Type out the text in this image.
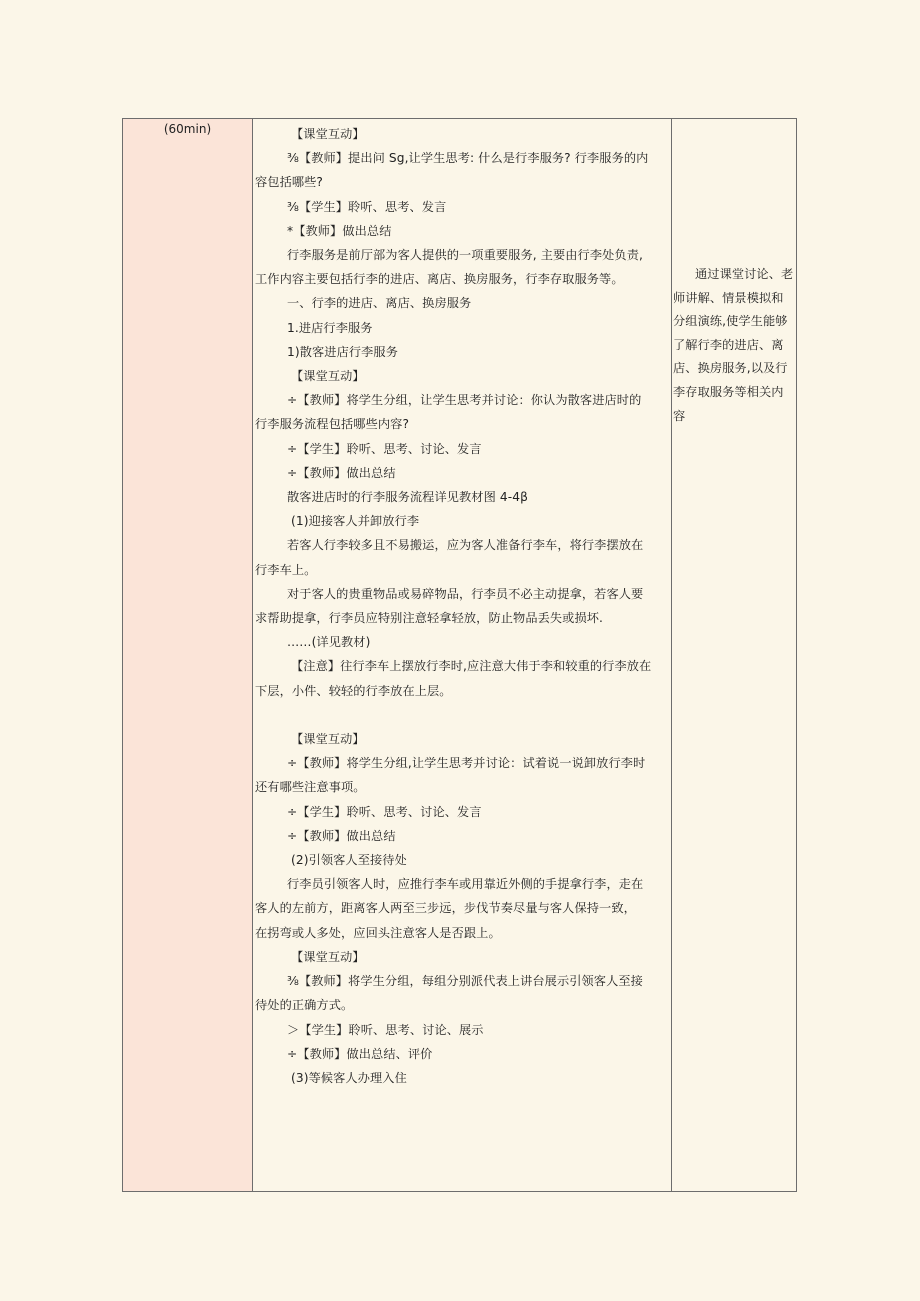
(60min)	【课堂互动】

⅜【教师】提出问 Sg,让学生思考: 什么是行李服务? 行李服务的内

容包括哪些?

⅜【学生】聆听、思考、发言

*【教师】做出总结

行李服务是前厅部为客人提供的一项重要服务, 主要由行李处负责,

工作内容主要包括行李的进店、离店、换房服务，行李存取服务等。

一、行李的进店、离店、换房服务

1.进店行李服务

1)散客进店行李服务

【课堂互动】

÷【教师】将学生分组，让学生思考并讨论：你认为散客进店时的

行李服务流程包括哪些内容?

÷【学生】聆听、思考、讨论、发言

÷【教师】做出总结

散客进店时的行李服务流程详见教材图 4-4β

(1)迎接客人并卸放行李

若客人行李较多且不易搬运，应为客人准备行李车，将行李摆放在

行李车上。

对于客人的贵重物品或易碎物品，行李员不必主动提拿，若客人要

求帮助提拿，行李员应特别注意轻拿轻放，防止物品丢失或损坏.

……(详见教材)

【注意】往行李车上摆放行李时,应注意大伟于李和较重的行李放在

下层，小件、较轻的行李放在上层。

【课堂互动】

÷【教师】将学生分组,让学生思考并讨论：试着说一说卸放行李时

还有哪些注意事项。

÷【学生】聆听、思考、讨论、发言

÷【教师】做出总结

(2)引领客人至接待处

行李员引领客人时，应推行李车或用靠近外侧的手提拿行李，走在

客人的左前方，距离客人两至三步远，步伐节奏尽量与客人保持一致，

在拐弯或人多处，应回头注意客人是否跟上。

【课堂互动】

⅜【教师】将学生分组，每组分别派代表上讲台展示引领客人至接

待处的正确方式。

＞【学生】聆听、思考、讨论、展示

÷【教师】做出总结、评价

(3)等候客人办理入住

通过课堂讨论、老

师讲解、情景模拟和

分组演练,使学生能够

了解行李的进店、离

店、换房服务,以及行

李存取服务等相关内

容
